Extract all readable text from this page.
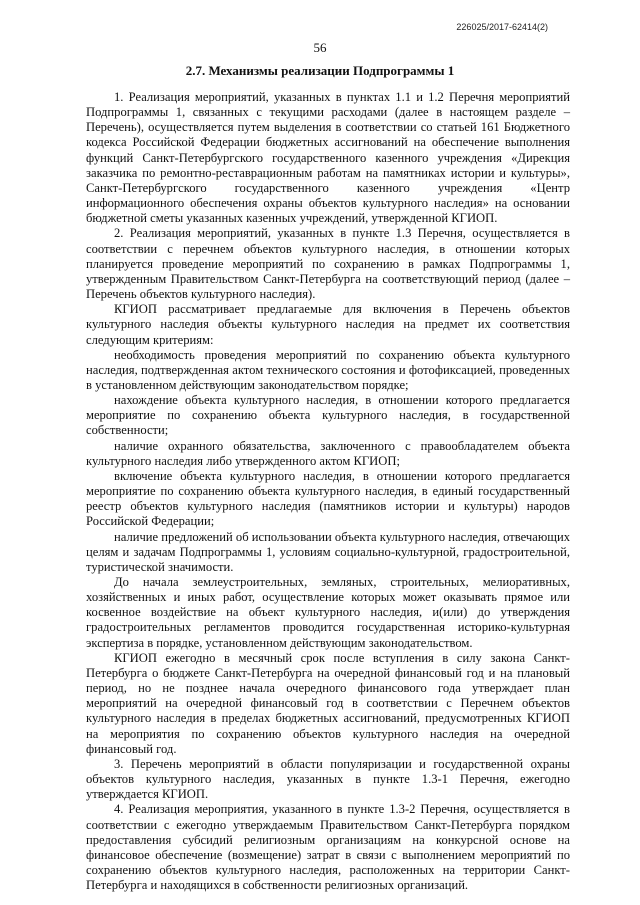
226025/2017-62414(2)
56
2.7. Механизмы реализации Подпрограммы 1

1. Реализация мероприятий, указанных в пунктах 1.1 и 1.2 Перечня мероприятий Подпрограммы 1, связанных с текущими расходами (далее в настоящем разделе – Перечень), осуществляется путем выделения в соответствии со статьей 161 Бюджетного кодекса Российской Федерации бюджетных ассигнований на обеспечение выполнения функций Санкт-Петербургского государственного казенного учреждения «Дирекция заказчика по ремонтно-реставрационным работам на памятниках истории и культуры», Санкт-Петербургского государственного казенного учреждения «Центр информационного обеспечения охраны объектов культурного наследия» на основании бюджетной сметы указанных казенных учреждений, утвержденной КГИОП.

2. Реализация мероприятий, указанных в пункте 1.3 Перечня, осуществляется в соответствии с перечнем объектов культурного наследия, в отношении которых планируется проведение мероприятий по сохранению в рамках Подпрограммы 1, утвержденным Правительством Санкт-Петербурга на соответствующий период (далее – Перечень объектов культурного наследия).

КГИОП рассматривает предлагаемые для включения в Перечень объектов культурного наследия объекты культурного наследия на предмет их соответствия следующим критериям:

необходимость проведения мероприятий по сохранению объекта культурного наследия, подтвержденная актом технического состояния и фотофиксацией, проведенных в установленном действующим законодательством порядке;

нахождение объекта культурного наследия, в отношении которого предлагается мероприятие по сохранению объекта культурного наследия, в государственной собственности;

наличие охранного обязательства, заключенного с правообладателем объекта культурного наследия либо утвержденного актом КГИОП;

включение объекта культурного наследия, в отношении которого предлагается мероприятие по сохранению объекта культурного наследия, в единый государственный реестр объектов культурного наследия (памятников истории и культуры) народов Российской Федерации;

наличие предложений об использовании объекта культурного наследия, отвечающих целям и задачам Подпрограммы 1, условиям социально-культурной, градостроительной, туристической значимости.

До начала землеустроительных, земляных, строительных, мелиоративных, хозяйственных и иных работ, осуществление которых может оказывать прямое или косвенное воздействие на объект культурного наследия, и(или) до утверждения градостроительных регламентов проводится государственная историко-культурная экспертиза в порядке, установленном действующим законодательством.

КГИОП ежегодно в месячный срок после вступления в силу закона Санкт-Петербурга о бюджете Санкт-Петербурга на очередной финансовый год и на плановый период, но не позднее начала очередного финансового года утверждает план мероприятий на очередной финансовый год в соответствии с Перечнем объектов культурного наследия в пределах бюджетных ассигнований, предусмотренных КГИОП на мероприятия по сохранению объектов культурного наследия на очередной финансовый год.

3. Перечень мероприятий в области популяризации и государственной охраны объектов культурного наследия, указанных в пункте 1.3-1 Перечня, ежегодно утверждается КГИОП.

4. Реализация мероприятия, указанного в пункте 1.3-2 Перечня, осуществляется в соответствии с ежегодно утверждаемым Правительством Санкт-Петербурга порядком предоставления субсидий религиозным организациям на конкурсной основе на финансовое обеспечение (возмещение) затрат в связи с выполнением мероприятий по сохранению объектов культурного наследия, расположенных на территории Санкт-Петербурга и находящихся в собственности религиозных организаций.
